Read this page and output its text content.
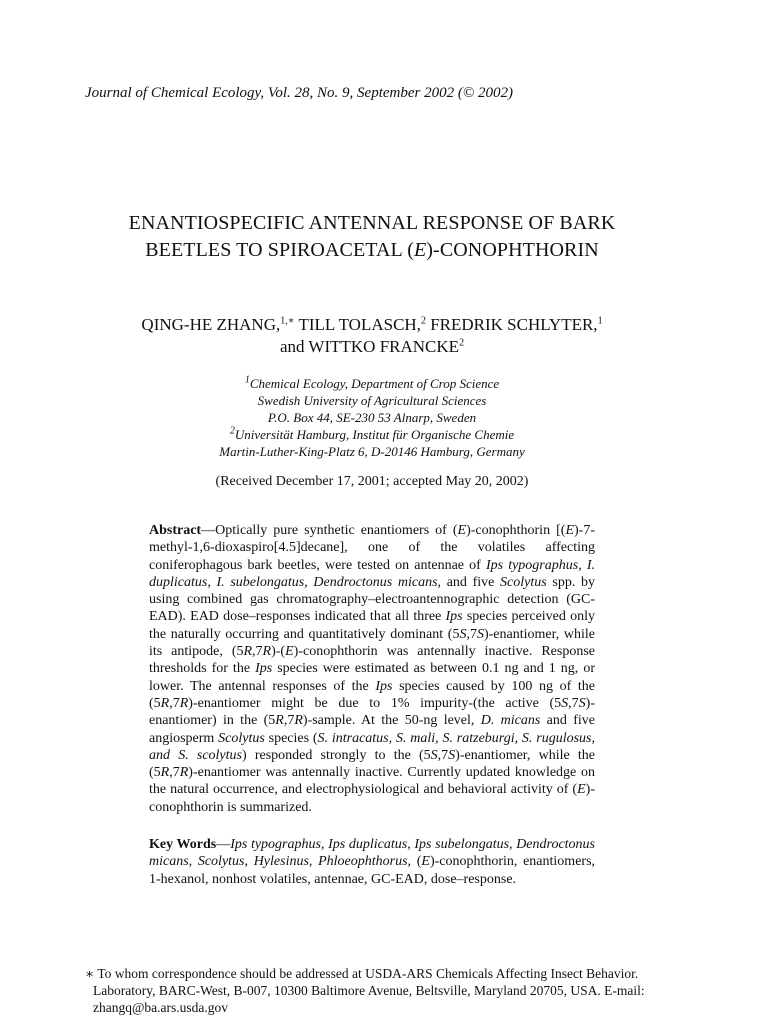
Journal of Chemical Ecology, Vol. 28, No. 9, September 2002 (© 2002)
ENANTIOSPECIFIC ANTENNAL RESPONSE OF BARK
BEETLES TO SPIROACETAL (E)-CONOPHTHORIN
QING-HE ZHANG,$^{1,∗}$ TILL TOLASCH,$^2$ FREDRIK SCHLYTER,$^1$
and WITTKO FRANCKE$^2$
$^1$Chemical Ecology, Department of Crop Science
Swedish University of Agricultural Sciences
P.O. Box 44, SE-230 53 Alnarp, Sweden
$^2$Universität Hamburg, Institut für Organische Chemie
Martin-Luther-King-Platz 6, D-20146 Hamburg, Germany
(Received December 17, 2001; accepted May 20, 2002)
Abstract—Optically pure synthetic enantiomers of (E)-conophthorin [(E)-7-methyl-1,6-dioxaspiro[4.5]decane], one of the volatiles affecting coniferophagous bark beetles, were tested on antennae of Ips typographus, I. duplicatus, I. subelongatus, Dendroctonus micans, and five Scolytus spp. by using combined gas chromatography–electroantennographic detection (GC-EAD). EAD dose–responses indicated that all three Ips species perceived only the naturally occurring and quantitatively dominant (5S,7S)-enantiomer, while its antipode, (5R,7R)-(E)-conophthorin was antennally inactive. Response thresholds for the Ips species were estimated as between 0.1 ng and 1 ng, or lower. The antennal responses of the Ips species caused by 100 ng of the (5R,7R)-enantiomer might be due to 1% impurity-(the active (5S,7S)-enantiomer) in the (5R,7R)-sample. At the 50-ng level, D. micans and five angiosperm Scolytus species (S. intracatus, S. mali, S. ratzeburgi, S. rugulosus, and S. scolytus) responded strongly to the (5S,7S)-enantiomer, while the (5R,7R)-enantiomer was antennally inactive. Currently updated knowledge on the natural occurrence, and electrophysiological and behavioral activity of (E)-conophthorin is summarized.
Key Words—Ips typographus, Ips duplicatus, Ips subelongatus, Dendroctonus micans, Scolytus, Hylesinus, Phloeophthorus, (E)-conophthorin, enantiomers, 1-hexanol, nonhost volatiles, antennae, GC-EAD, dose–response.
∗ To whom correspondence should be addressed at USDA-ARS Chemicals Affecting Insect Behavior. Laboratory, BARC-West, B-007, 10300 Baltimore Avenue, Beltsville, Maryland 20705, USA. E-mail: zhangq@ba.ars.usda.gov
